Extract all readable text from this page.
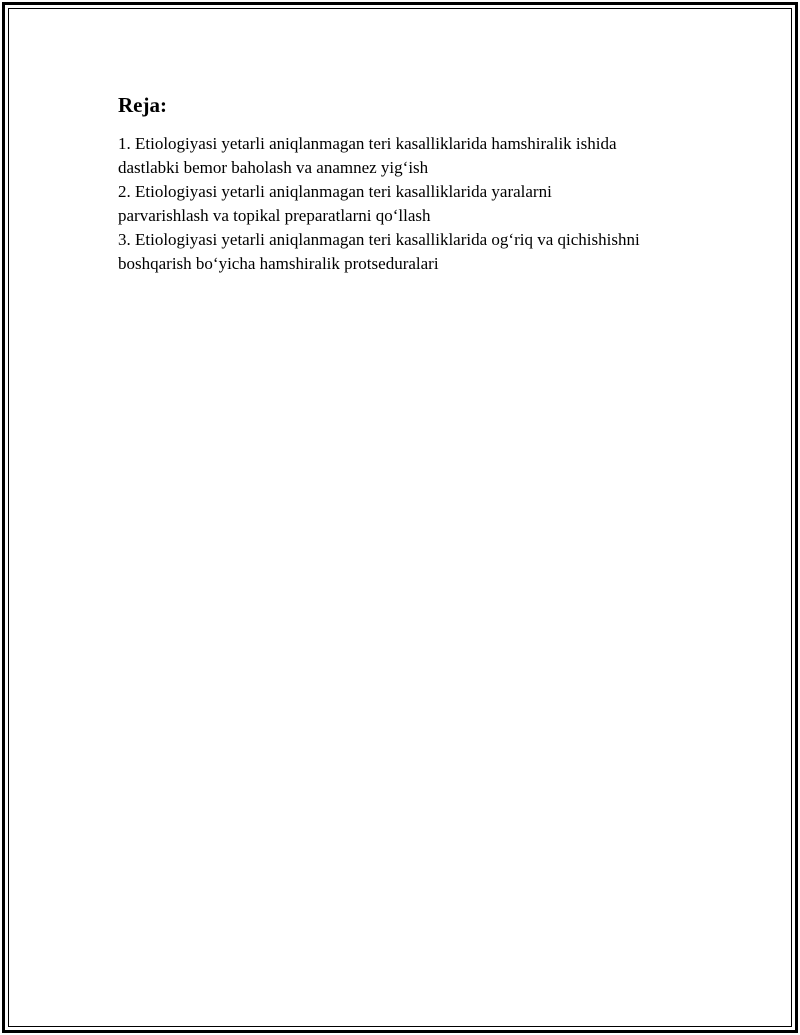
Reja:
1. Etiologiyasi yetarli aniqlanmagan teri kasalliklarida hamshiralik ishida
dastlabki bemor baholash va anamnez yig‘ish
2. Etiologiyasi yetarli aniqlanmagan teri kasalliklarida yaralarni
parvarishlash va topikal preparatlarni qo‘llash
3. Etiologiyasi yetarli aniqlanmagan teri kasalliklarida og‘riq va qichishishni
boshqarish bo‘yicha hamshiralik protseduralari
